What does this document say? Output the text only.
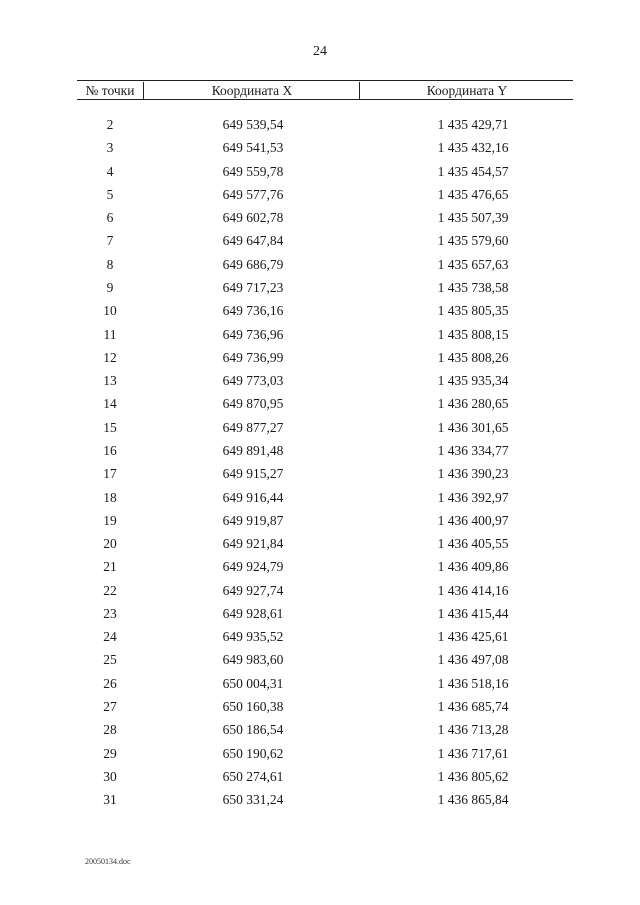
24
№ точки	Координата X	Координата Y
2	649 539,54	1 435 429,71
3	649 541,53	1 435 432,16
4	649 559,78	1 435 454,57
5	649 577,76	1 435 476,65
6	649 602,78	1 435 507,39
7	649 647,84	1 435 579,60
8	649 686,79	1 435 657,63
9	649 717,23	1 435 738,58
10	649 736,16	1 435 805,35
11	649 736,96	1 435 808,15
12	649 736,99	1 435 808,26
13	649 773,03	1 435 935,34
14	649 870,95	1 436 280,65
15	649 877,27	1 436 301,65
16	649 891,48	1 436 334,77
17	649 915,27	1 436 390,23
18	649 916,44	1 436 392,97
19	649 919,87	1 436 400,97
20	649 921,84	1 436 405,55
21	649 924,79	1 436 409,86
22	649 927,74	1 436 414,16
23	649 928,61	1 436 415,44
24	649 935,52	1 436 425,61
25	649 983,60	1 436 497,08
26	650 004,31	1 436 518,16
27	650 160,38	1 436 685,74
28	650 186,54	1 436 713,28
29	650 190,62	1 436 717,61
30	650 274,61	1 436 805,62
31	650 331,24	1 436 865,84
20050134.doc
